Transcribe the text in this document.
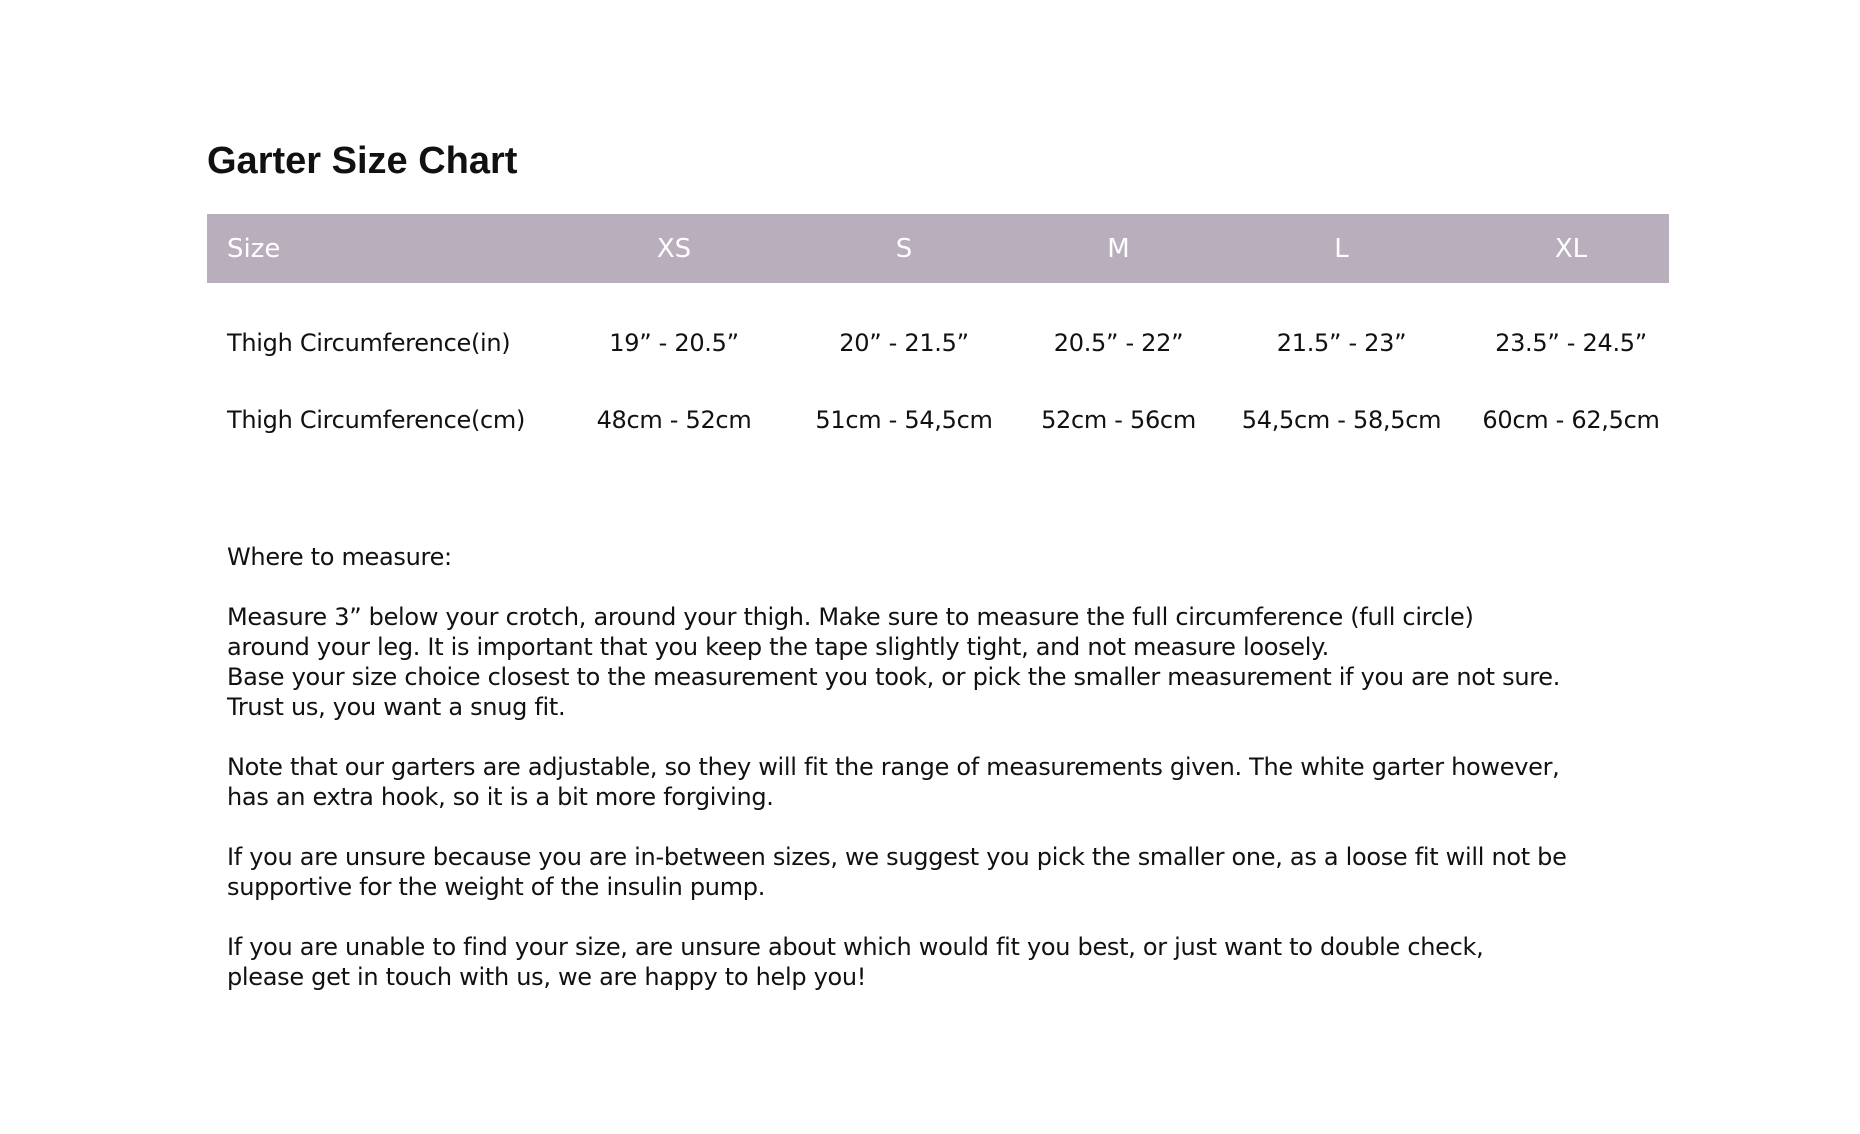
Garter Size Chart
Size	XS	S	M	L	XL
Thigh Circumference(in)	19” - 20.5”	20” - 21.5”	20.5” - 22”	21.5” - 23”	23.5” - 24.5”
Thigh Circumference(cm)	48cm - 52cm	51cm - 54,5cm	52cm - 56cm	54,5cm - 58,5cm	60cm - 62,5cm

Where to measure:

Measure 3” below your crotch, around your thigh. Make sure to measure the full circumference (full circle)
around your leg. It is important that you keep the tape slightly tight, and not measure loosely.
Base your size choice closest to the measurement you took, or pick the smaller measurement if you are not sure.
Trust us, you want a snug fit.

Note that our garters are adjustable, so they will fit the range of measurements given. The white garter however,
has an extra hook, so it is a bit more forgiving.

If you are unsure because you are in-between sizes, we suggest you pick the smaller one, as a loose fit will not be
supportive for the weight of the insulin pump.

If you are unable to find your size, are unsure about which would fit you best, or just want to double check,
please get in touch with us, we are happy to help you!
